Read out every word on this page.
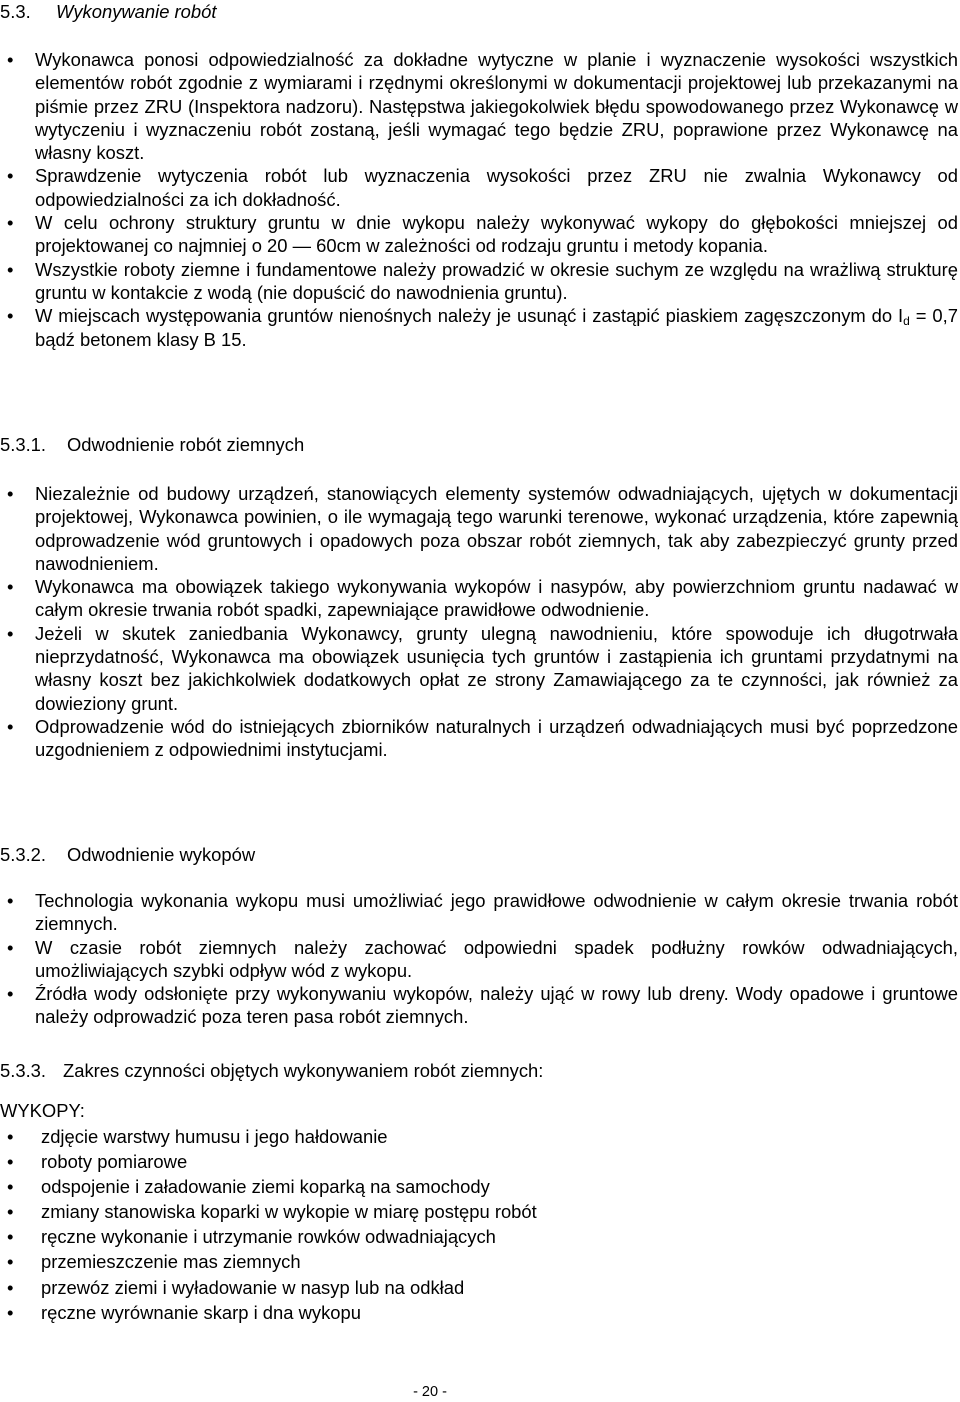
5.3. Wykonywanie robót
• Wykonawca ponosi odpowiedzialność za dokładne wytyczne w planie i wyznaczenie wysokości wszystkich elementów robót zgodnie z wymiarami i rzędnymi określonymi w dokumentacji projektowej lub przekazanymi na piśmie przez ZRU (Inspektora nadzoru). Następstwa jakiegokolwiek błędu spowodowanego przez Wykonawcę w wytyczeniu i wyznaczeniu robót zostaną, jeśli wymagać tego będzie ZRU, poprawione przez Wykonawcę na własny koszt.
• Sprawdzenie wytyczenia robót lub wyznaczenia wysokości przez ZRU nie zwalnia Wykonawcy od odpowiedzialności za ich dokładność.
• W celu ochrony struktury gruntu w dnie wykopu należy wykonywać wykopy do głębokości mniejszej od projektowanej co najmniej o 20 — 60cm w zależności od rodzaju gruntu i metody kopania.
• Wszystkie roboty ziemne i fundamentowe należy prowadzić w okresie suchym ze względu na wrażliwą strukturę gruntu w kontakcie z wodą (nie dopuścić do nawodnienia gruntu).
• W miejscach występowania gruntów nienośnych należy je usunąć i zastąpić piaskiem zagęszczonym do $I_d = 0,7$ bądź betonem klasy B 15.
5.3.1. Odwodnienie robót ziemnych
• Niezależnie od budowy urządzeń, stanowiących elementy systemów odwadniających, ujętych w dokumentacji projektowej, Wykonawca powinien, o ile wymagają tego warunki terenowe, wykonać urządzenia, które zapewnią odprowadzenie wód gruntowych i opadowych poza obszar robót ziemnych, tak aby zabezpieczyć grunty przed nawodnieniem.
• Wykonawca ma obowiązek takiego wykonywania wykopów i nasypów, aby powierzchniom gruntu nadawać w całym okresie trwania robót spadki, zapewniające prawidłowe odwodnienie.
• Jeżeli w skutek zaniedbania Wykonawcy, grunty ulegną nawodnieniu, które spowoduje ich długotrwała nieprzydatność, Wykonawca ma obowiązek usunięcia tych gruntów i zastąpienia ich gruntami przydatnymi na własny koszt bez jakichkolwiek dodatkowych opłat ze strony Zamawiającego za te czynności, jak również za dowieziony grunt.
• Odprowadzenie wód do istniejących zbiorników naturalnych i urządzeń odwadniających musi być poprzedzone uzgodnieniem z odpowiednimi instytucjami.
5.3.2. Odwodnienie wykopów
• Technologia wykonania wykopu musi umożliwiać jego prawidłowe odwodnienie w całym okresie trwania robót ziemnych.
• W czasie robót ziemnych należy zachować odpowiedni spadek podłużny rowków odwadniających, umożliwiających szybki odpływ wód z wykopu.
• Źródła wody odsłonięte przy wykonywaniu wykopów, należy ująć w rowy lub dreny. Wody opadowe i gruntowe należy odprowadzić poza teren pasa robót ziemnych.
5.3.3. Zakres czynności objętych wykonywaniem robót ziemnych:

WYKOPY:

• zdjęcie warstwy humusu i jego hałdowanie
• roboty pomiarowe
• odspojenie i załadowanie ziemi koparką na samochody
• zmiany stanowiska koparki w wykopie w miarę postępu robót
• ręczne wykonanie i utrzymanie rowków odwadniających
• przemieszczenie mas ziemnych
• przewóz ziemi i wyładowanie w nasyp lub na odkład
• ręczne wyrównanie skarp i dna wykopu
- 20 -
